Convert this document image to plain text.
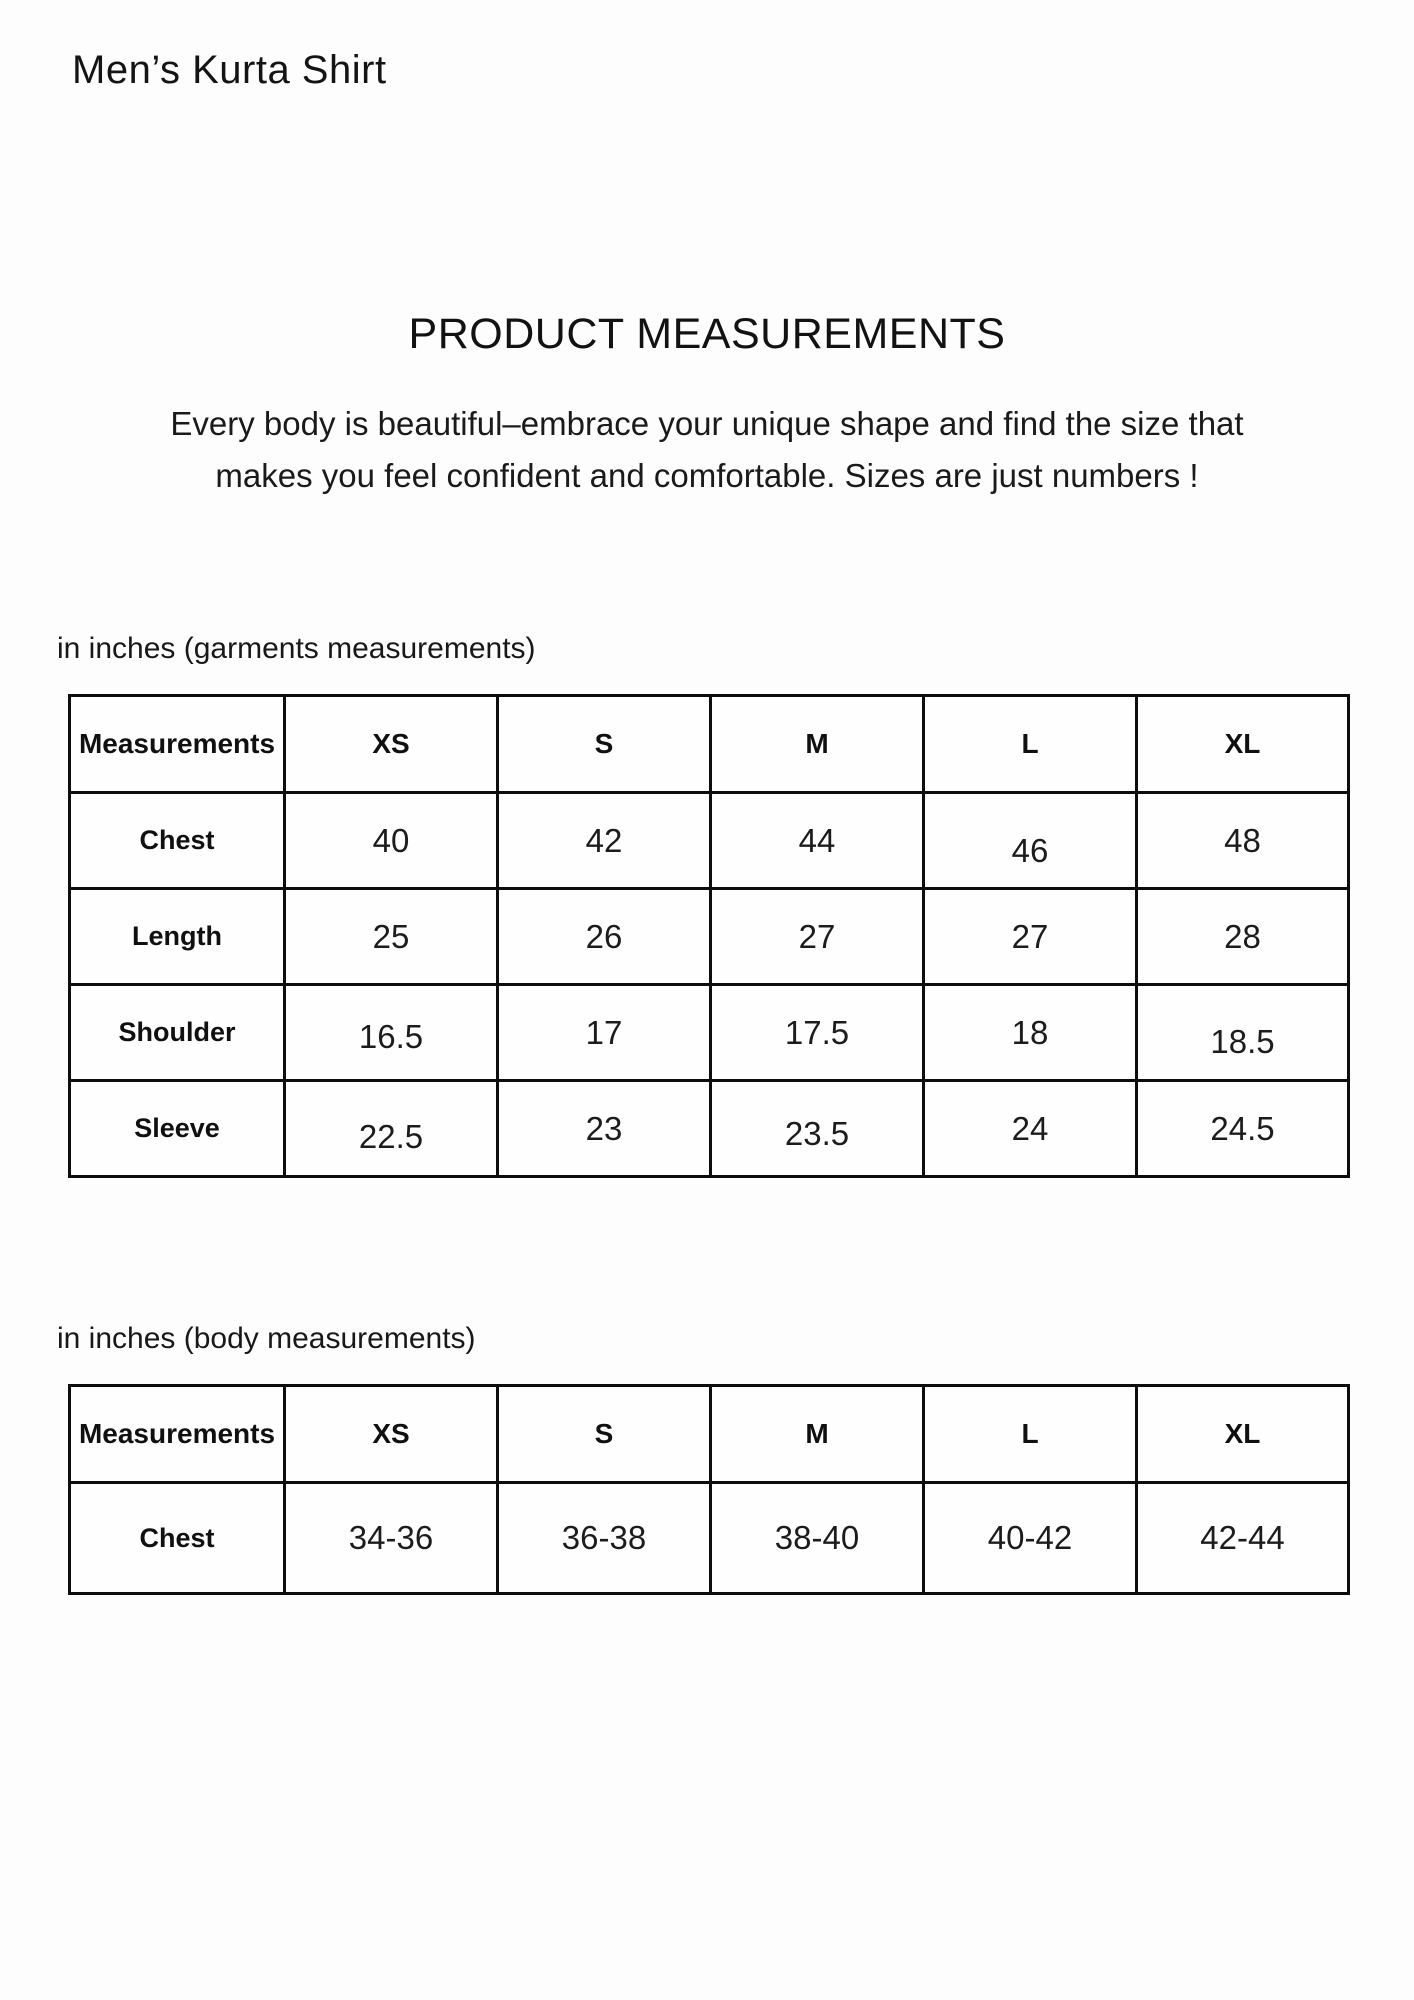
Men’s Kurta Shirt
PRODUCT MEASUREMENTS
Every body is beautiful–embrace your unique shape and find the size that
makes you feel confident and comfortable. Sizes are just numbers !
in inches (garments measurements)
Measurements	XS	S	M	L	XL
Chest	40	42	44	46	48
Length	25	26	27	27	28
Shoulder	16.5	17	17.5	18	18.5
Sleeve	22.5	23	23.5	24	24.5
in inches (body measurements)
Measurements	XS	S	M	L	XL
Chest	34-36	36-38	38-40	40-42	42-44
